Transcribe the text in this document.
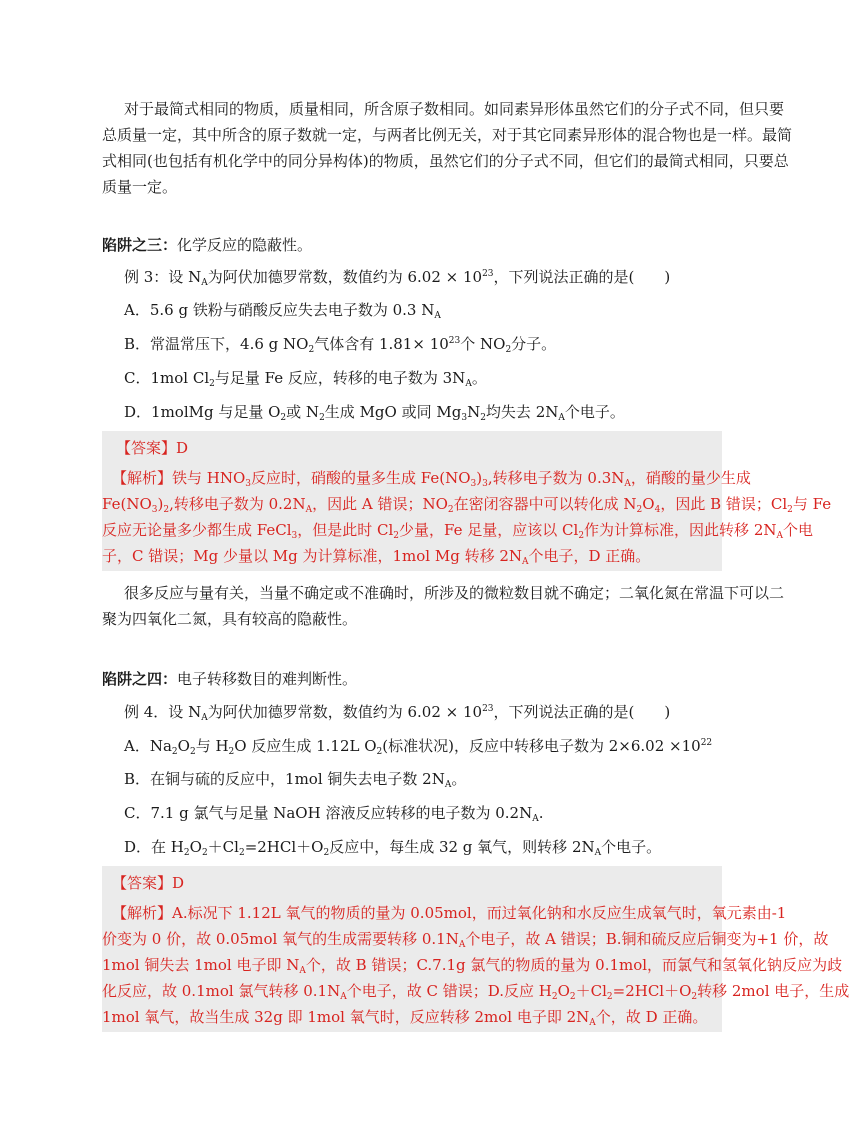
对于最简式相同的物质，质量相同，所含原子数相同。如同素异形体虽然它们的分子式不同，但只要
总质量一定，其中所含的原子数就一定，与两者比例无关，对于其它同素异形体的混合物也是一样。最简
式相同(也包括有机化学中的同分异构体)的物质，虽然它们的分子式不同，但它们的最简式相同，只要总
质量一定。
陷阱之三：化学反应的隐蔽性。
例 3：设 $N_A$为阿伏加德罗常数，数值约为 $6.02 \times 10^{23}$，下列说法正确的是(　　)
A．5.6 g 铁粉与硝酸反应失去电子数为 0.3 $N_A$
B．常温常压下，4.6 g $NO_2$气体含有 $1.81\times 10^{23}$个 $NO_2$分子。
C．1mol $Cl_2$与足量 Fe 反应，转移的电子数为 $3N_A$。
D．1molMg 与足量 $O_2$或 $N_2$生成 MgO 或同 $Mg_3N_2$均失去 $2N_A$个电子。
【答案】D
【解析】铁与 $HNO_3$反应时，硝酸的量多生成 $Fe(NO_3)_3$,转移电子数为 $0.3N_A$，硝酸的量少生成
$Fe(NO_3)_2$,转移电子数为 $0.2N_A$，因此 A 错误；$NO_2$在密闭容器中可以转化成 $N_2O_4$，因此 B 错误；$Cl_2$与 Fe
反应无论量多少都生成 FeCl$_3$，但是此时 $Cl_2$少量，Fe 足量，应该以 $Cl_2$作为计算标准，因此转移 $2N_A$个电
子，C 错误；Mg 少量以 Mg 为计算标准，1mol Mg 转移 $2N_A$个电子，D 正确。
很多反应与量有关，当量不确定或不准确时，所涉及的微粒数目就不确定；二氧化氮在常温下可以二
聚为四氧化二氮，具有较高的隐蔽性。
陷阱之四：电子转移数目的难判断性。
例 4．设 $N_A$为阿伏加德罗常数，数值约为 $6.02 \times 10^{23}$，下列说法正确的是(　　)
A．$Na_2O_2$与 $H_2O$ 反应生成 1.12L $O_2$(标准状况)，反应中转移电子数为 $2\times 6.02 \times 10^{22}$
B．在铜与硫的反应中，1mol 铜失去电子数 $2N_A$。
C．7.1 g 氯气与足量 NaOH 溶液反应转移的电子数为 $0.2N_A$.
D．在 $H_2O_2+Cl_2=2HCl+O_2$反应中，每生成 32 g 氧气，则转移 $2N_A$个电子。
【答案】D
【解析】A.标况下 1.12L 氧气的物质的量为 0.05mol，而过氧化钠和水反应生成氧气时，氧元素由-1
价变为 0 价，故 0.05mol 氧气的生成需要转移 $0.1N_A$个电子，故 A 错误；B.铜和硫反应后铜变为+1 价，故
1mol 铜失去 1mol 电子即 $N_A$个，故 B 错误；C.7.1g 氯气的物质的量为 0.1mol，而氯气和氢氧化钠反应为歧
化反应，故 0.1mol 氯气转移 $0.1N_A$个电子，故 C 错误；D.反应 $H_2O_2+Cl_2=2HCl+O_2$转移 2mol 电子，生成
1mol 氧气，故当生成 32g 即 1mol 氧气时，反应转移 2mol 电子即 $2N_A$个，故 D 正确。
